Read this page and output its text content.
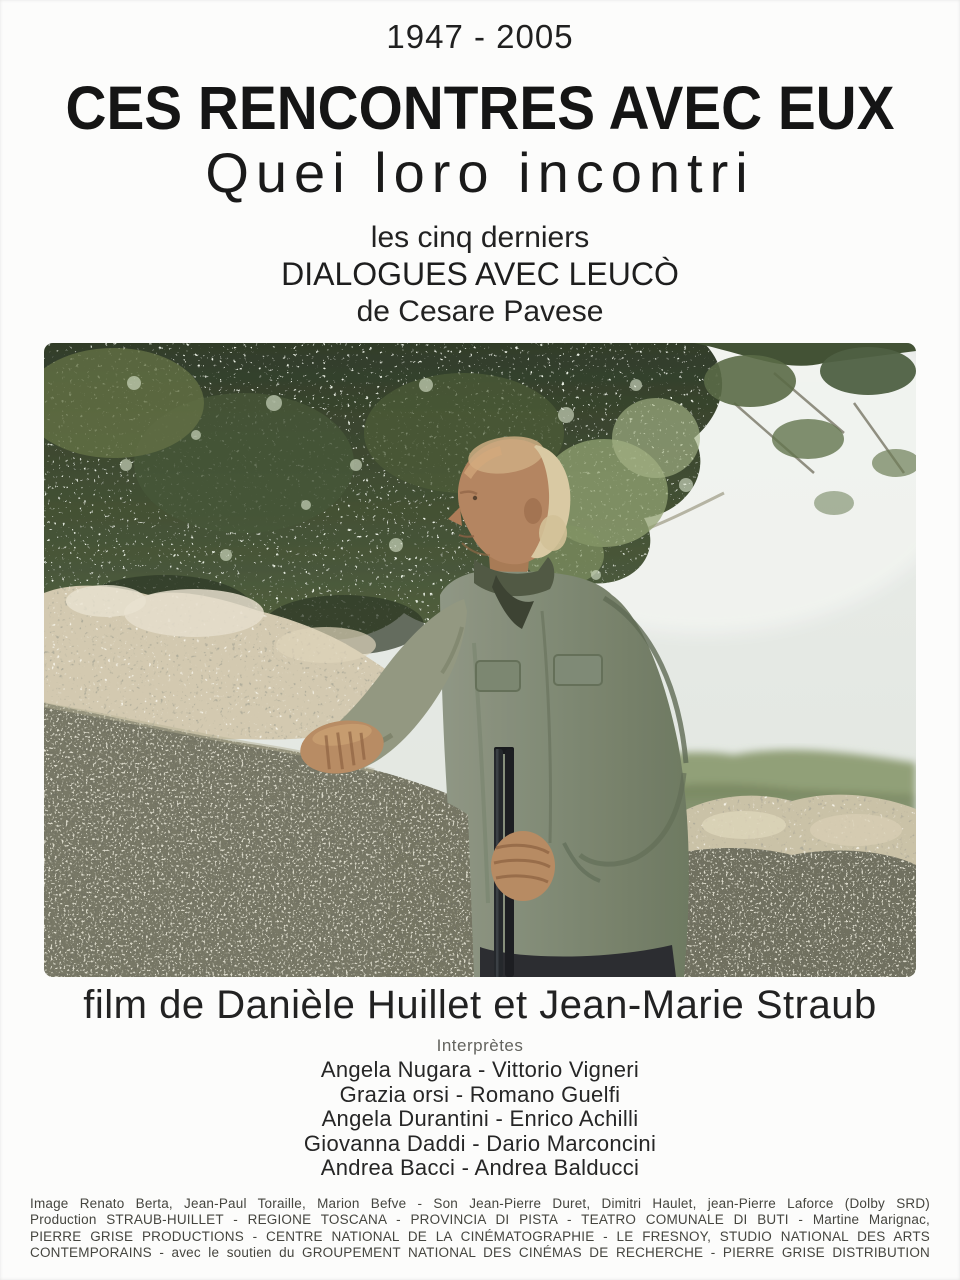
1947 - 2005
CES RENCONTRES AVEC EUX
Quei loro incontri
les cinq derniers
DIALOGUES AVEC LEUCÒ
de Cesare Pavese
film de Danièle Huillet et Jean-Marie Straub
Interprètes
Angela Nugara - Vittorio Vigneri
Grazia orsi - Romano Guelfi
Angela Durantini - Enrico Achilli
Giovanna Daddi - Dario Marconcini
Andrea Bacci - Andrea Balducci
Image Renato Berta, Jean-Paul Toraille, Marion Befve - Son Jean-Pierre Duret, Dimitri Haulet, jean-Pierre Laforce (Dolby SRD)
Production STRAUB-HUILLET - REGIONE TOSCANA - PROVINCIA DI PISTA - TEATRO COMUNALE DI BUTI - Martine Marignac,
PIERRE GRISE PRODUCTIONS - CENTRE NATIONAL DE LA CINÉMATOGRAPHIE - LE FRESNOY, STUDIO NATIONAL DES ARTS
CONTEMPORAINS - avec le soutien du GROUPEMENT NATIONAL DES CINÉMAS DE RECHERCHE - PIERRE GRISE DISTRIBUTION
